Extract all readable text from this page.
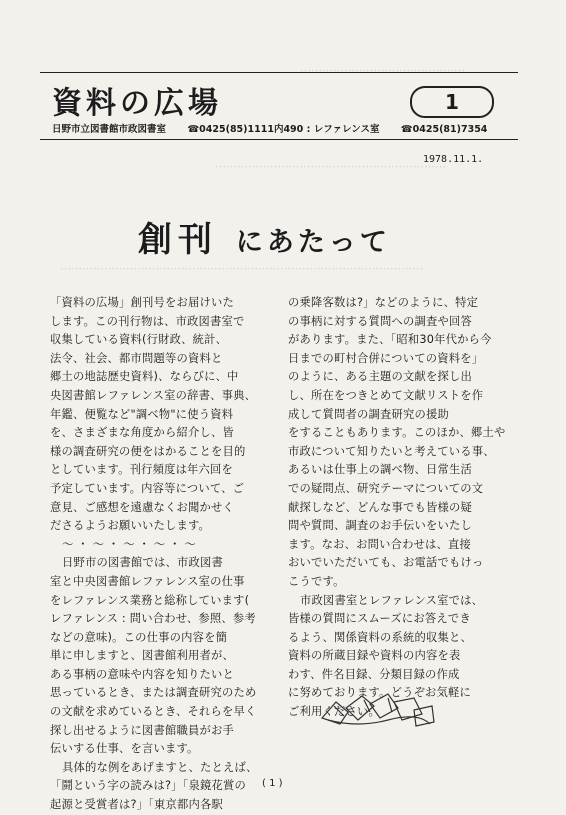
⋯⋯⋯⋯⋯⋯⋯⋯⋯⋯⋯⋯⋯⋯⋯
⋯⋯⋯⋯⋯⋯⋯⋯⋯⋯⋯⋯⋯⋯⋯⋯⋯⋯⋯⋯⋯
⋯⋯⋯⋯⋯⋯⋯⋯⋯⋯⋯⋯⋯⋯⋯⋯⋯⋯⋯⋯⋯⋯⋯⋯⋯⋯⋯⋯⋯⋯⋯⋯⋯
資料の広場	1
日野市立図書館市政図書室 ☎0425(85)1111内490 : レファレンス室 ☎0425(81)7354
1978.11.1.
創刊 にあたって

「資料の広場」創刊号をお届けいた

します。この刊行物は、市政図書室で

収集している資料(行財政、統計、

法令、社会、都市問題等の資料と

郷土の地誌歴史資料)、ならびに、中

央図書館レファレンス室の辞書、事典、

年鑑、便覧など"調べ物"に使う資料

を、さまざまな角度から紹介し、皆

様の調査研究の便をはかることを目的

としています。刊行頻度は年六回を

予定しています。内容等について、ご

意見、ご感想を遠慮なくお聞かせく

ださるようお願いいたします。

～・～・～・～・～

日野市の図書館では、市政図書

室と中央図書館レファレンス室の仕事

をレファレンス業務と総称しています(

レファレンス : 問い合わせ、参照、参考

などの意味)。この仕事の内容を簡

単に申しますと、図書館利用者が、

ある事柄の意味や内容を知りたいと

思っているとき、または調査研究のため

の文献を求めているとき、それらを早く

探し出せるように図書館職員がお手

伝いする仕事、を言います。

具体的な例をあげますと、たとえば、

「鬪という字の読みは?」「泉鏡花賞の

起源と受賞者は?」「東京都内各駅

の乗降客数は?」などのように、特定

の事柄に対する質問への調査や回答

があります。また、「昭和30年代から今

日までの町村合併についての資料を」

のように、ある主題の文献を探し出

し、所在をつきとめて文献リストを作

成して質問者の調査研究の援助

をすることもあります。このほか、郷土や

市政について知りたいと考えている事、

あるいは仕事上の調べ物、日常生活

での疑問点、研究テーマについての文

献探しなど、どんな事でも皆様の疑

問や質問、調査のお手伝いをいたし

ます。なお、お問い合わせは、直接

おいでいただいても、お電話でもけっ

こうです。

市政図書室とレファレンス室では、

皆様の質問にスムーズにお答えでき

るよう、関係資料の系統的収集と、

資料の所蔵目録や資料の内容を表

わす、件名目録、分類目録の作成

に努めております。どうぞお気軽に

ご利用ください。

( 1 )
